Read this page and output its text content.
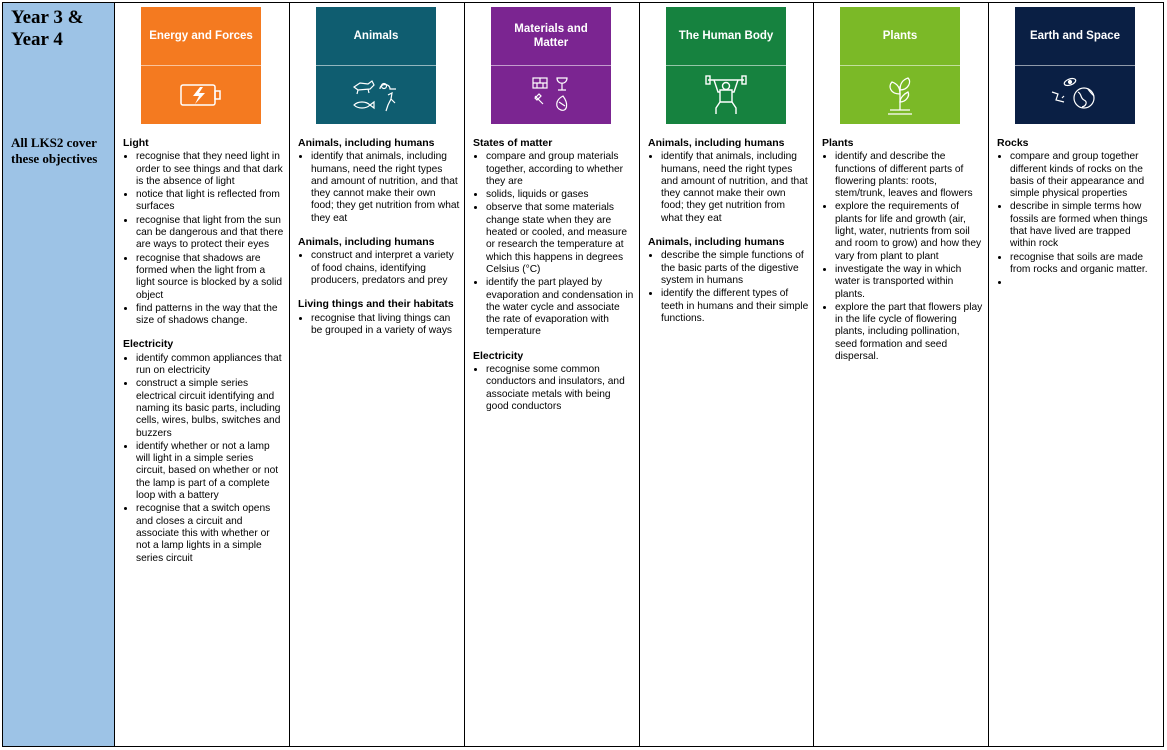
Year 3 & Year 4
All LKS2 cover these objectives
Energy and Forces
Light
• recognise that they need light in order to see things and that dark is the absence of light
• notice that light is reflected from surfaces
• recognise that light from the sun can be dangerous and that there are ways to protect their eyes
• recognise that shadows are formed when the light from a light source is blocked by a solid object
• find patterns in the way that the size of shadows change.
Electricity
• identify common appliances that run on electricity
• construct a simple series electrical circuit identifying and naming its basic parts, including cells, wires, bulbs, switches and buzzers
• identify whether or not a lamp will light in a simple series circuit, based on whether or not the lamp is part of a complete loop with a battery
• recognise that a switch opens and closes a circuit and associate this with whether or not a lamp lights in a simple series circuit
Animals
Animals, including humans
• identify that animals, including humans, need the right types and amount of nutrition, and that they cannot make their own food; they get nutrition from what they eat
Animals, including humans
• construct and interpret a variety of food chains, identifying producers, predators and prey
Living things and their habitats
• recognise that living things can be grouped in a variety of ways
Materials and Matter
States of matter
• compare and group materials together, according to whether they are
• solids, liquids or gases
• observe that some materials change state when they are heated or cooled, and measure or research the temperature at which this happens in degrees Celsius (°C)
• identify the part played by evaporation and condensation in the water cycle and associate the rate of evaporation with temperature
Electricity
• recognise some common conductors and insulators, and associate metals with being good conductors
The Human Body
Animals, including humans
• identify that animals, including humans, need the right types and amount of nutrition, and that they cannot make their own food; they get nutrition from what they eat
Animals, including humans
• describe the simple functions of the basic parts of the digestive system in humans
• identify the different types of teeth in humans and their simple functions.
Plants
Plants
• identify and describe the functions of different parts of flowering plants: roots, stem/trunk, leaves and flowers
• explore the requirements of plants for life and growth (air, light, water, nutrients from soil and room to grow) and how they vary from plant to plant
• investigate the way in which water is transported within plants.
• explore the part that flowers play in the life cycle of flowering plants, including pollination, seed formation and seed dispersal.
Earth and Space
Rocks
• compare and group together different kinds of rocks on the basis of their appearance and simple physical properties
• describe in simple terms how fossils are formed when things that have lived are trapped within rock
• recognise that soils are made from rocks and organic matter.
•
